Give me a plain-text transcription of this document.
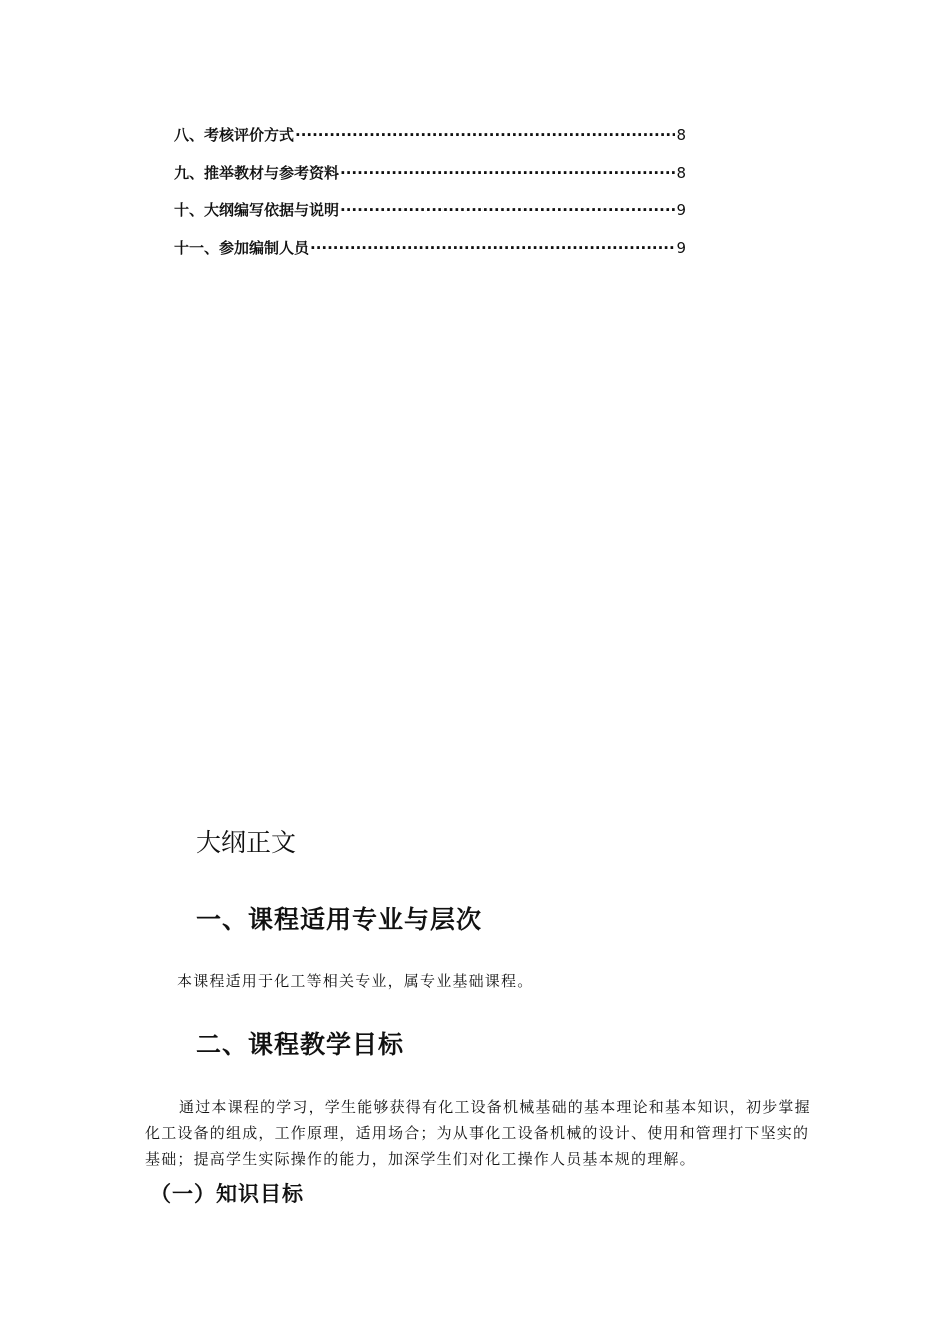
八、考核评价方式 ·····	8
九、推举教材与参考资料 ·····	8
十、大纲编写依据与说明 ·····	9
十一、参加编制人员 ·····	9
大纲正文
一、课程适用专业与层次

本课程适用于化工等相关专业，属专业基础课程。

二、课程教学目标

通过本课程的学习，学生能够获得有化工设备机械基础的基本理论和基本知识，初步掌握化工设备的组成，工作原理，适用场合；为从事化工设备机械的设计、使用和管理打下坚实的基础；提高学生实际操作的能力，加深学生们对化工操作人员基本规的理解。

（一）知识目标
